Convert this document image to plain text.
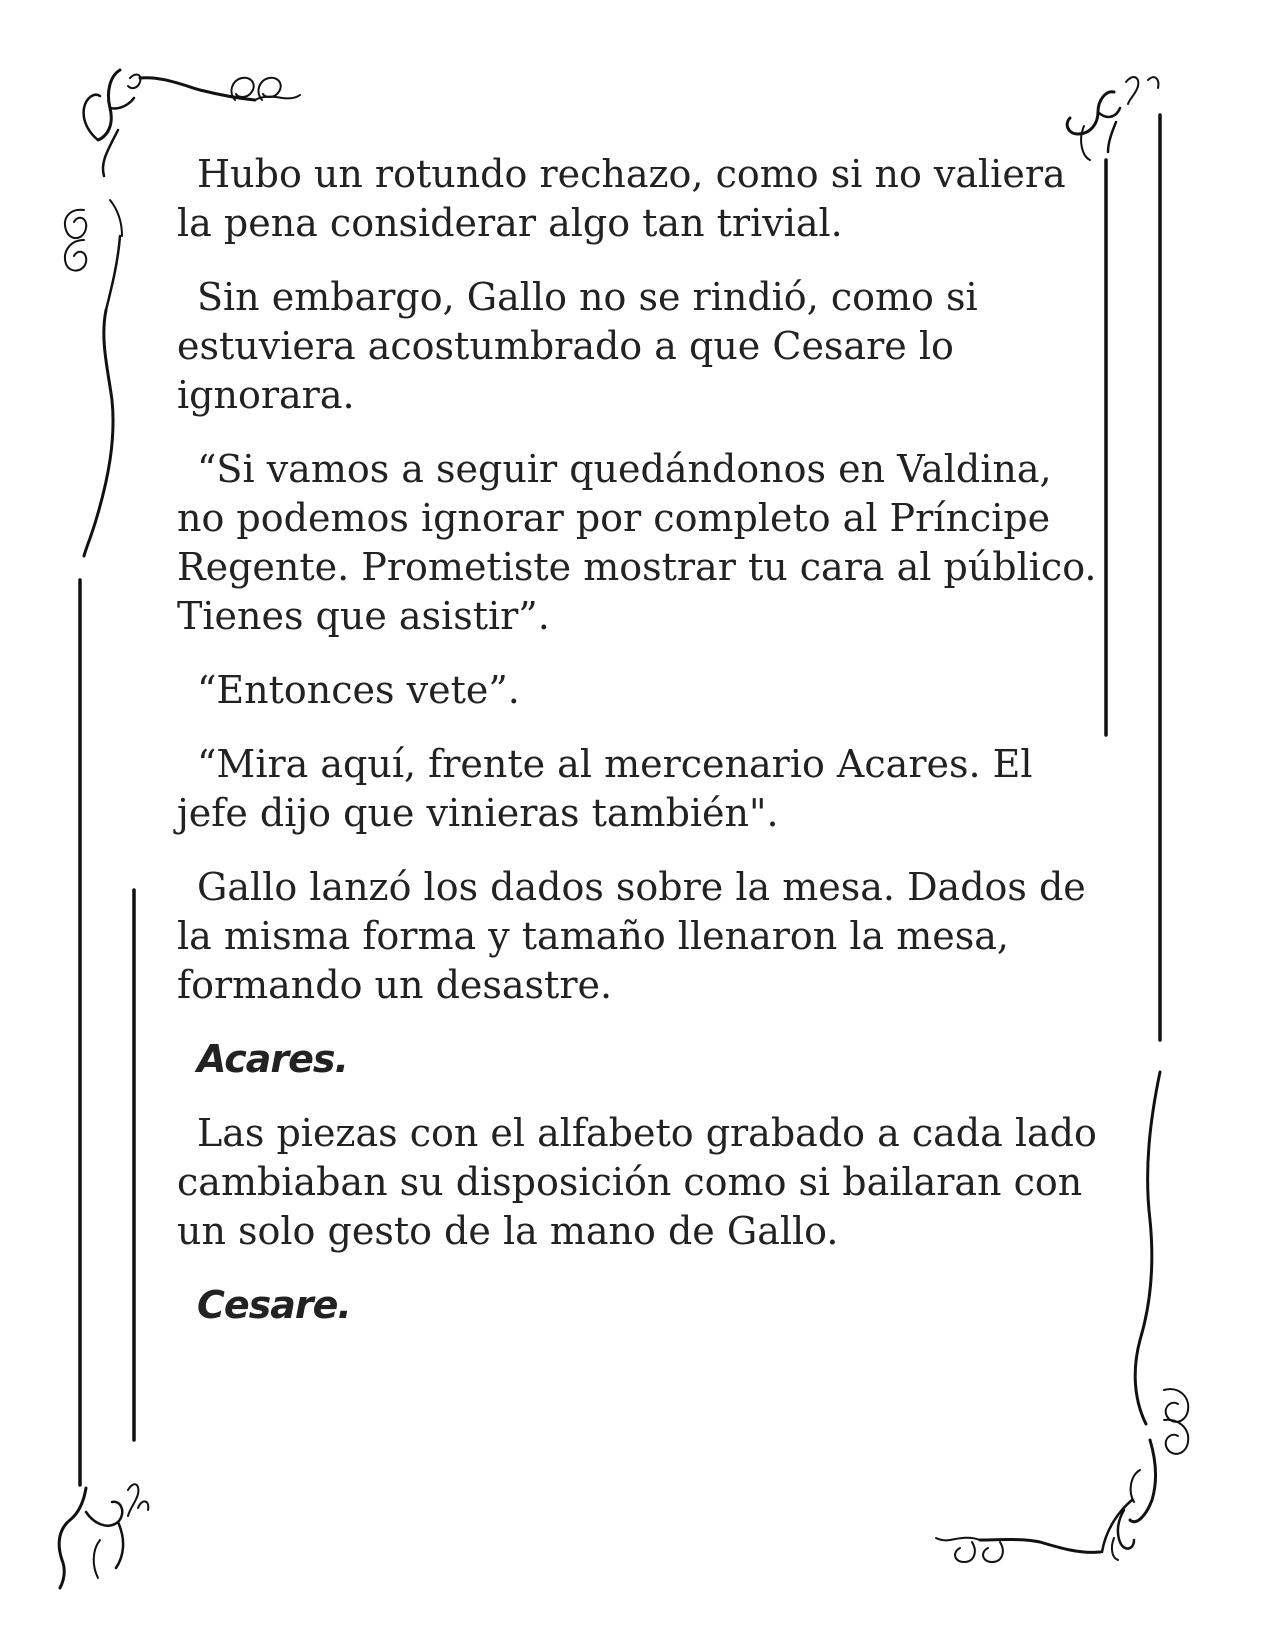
Hubo un rotundo rechazo, como si no valiera la pena considerar algo tan trivial.

Sin embargo, Gallo no se rindió, como si estuviera acostumbrado a que Cesare lo ignorara.

“Si vamos a seguir quedándonos en Valdina, no podemos ignorar por completo al Príncipe Regente. Prometiste mostrar tu cara al público. Tienes que asistir”.

“Entonces vete”.

“Mira aquí, frente al mercenario Acares. El jefe dijo que vinieras también".

Gallo lanzó los dados sobre la mesa. Dados de la misma forma y tamaño llenaron la mesa, formando un desastre.

Acares.

Las piezas con el alfabeto grabado a cada lado cambiaban su disposición como si bailaran con un solo gesto de la mano de Gallo.

Cesare.
